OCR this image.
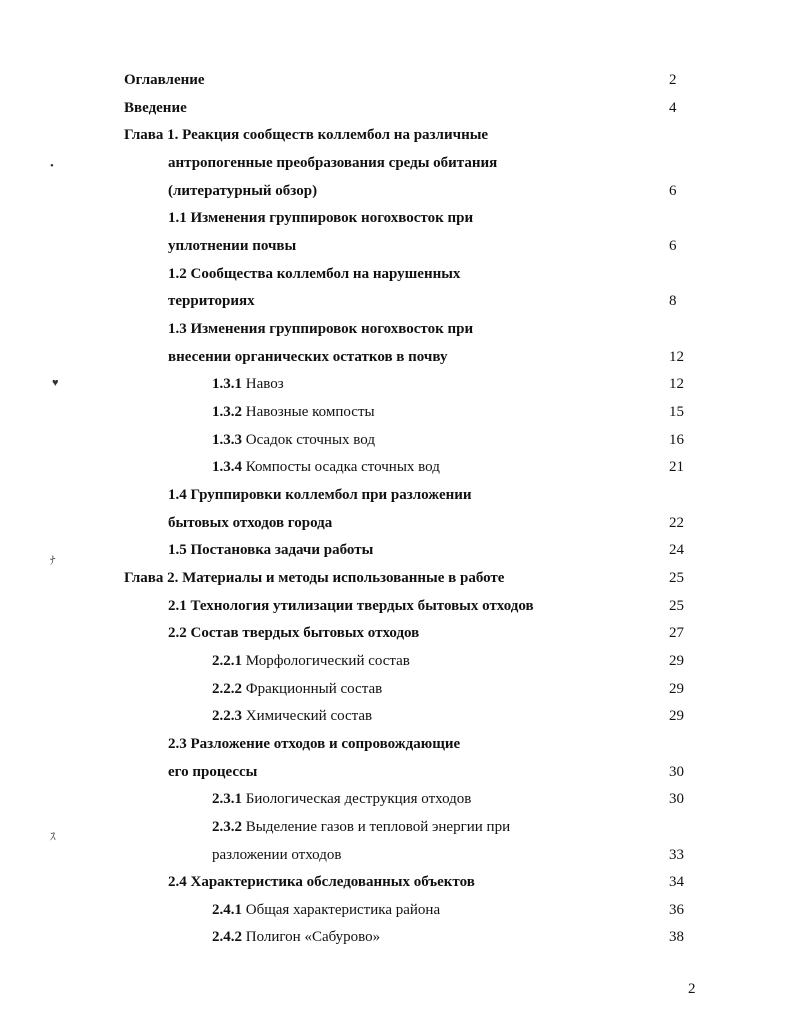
Оглавление	2
Введение	4
Глава 1. Реакция сообществ коллембол на различные
антропогенные преобразования среды обитания
(литературный обзор)	6
1.1 Изменения группировок ногохвосток при
уплотнении почвы	6
1.2 Сообщества коллембол на нарушенных
территориях	8
1.3 Изменения группировок ногохвосток при
внесении органических остатков в почву	12
1.3.1 Навоз	12
1.3.2 Навозные компосты	15
1.3.3 Осадок сточных вод	16
1.3.4 Компосты осадка сточных вод	21
1.4 Группировки коллембол при разложении
бытовых отходов города	22
1.5 Постановка задачи работы	24
Глава 2. Материалы и методы использованные в работе	25
2.1 Технология утилизации твердых бытовых отходов	25
2.2 Состав твердых бытовых отходов	27
2.2.1 Морфологический состав	29
2.2.2 Фракционный состав	29
2.2.3 Химический состав	29
2.3 Разложение отходов и сопровождающие
его процессы	30
2.3.1 Биологическая деструкция отходов	30
2.3.2 Выделение газов и тепловой энергии при
разложении отходов	33
2.4 Характеристика обследованных объектов	34
2.4.1 Общая характеристика района	36
2.4.2 Полигон «Сабурово»	38
•ﾞ
♥
ﾅ
ｽ
2
